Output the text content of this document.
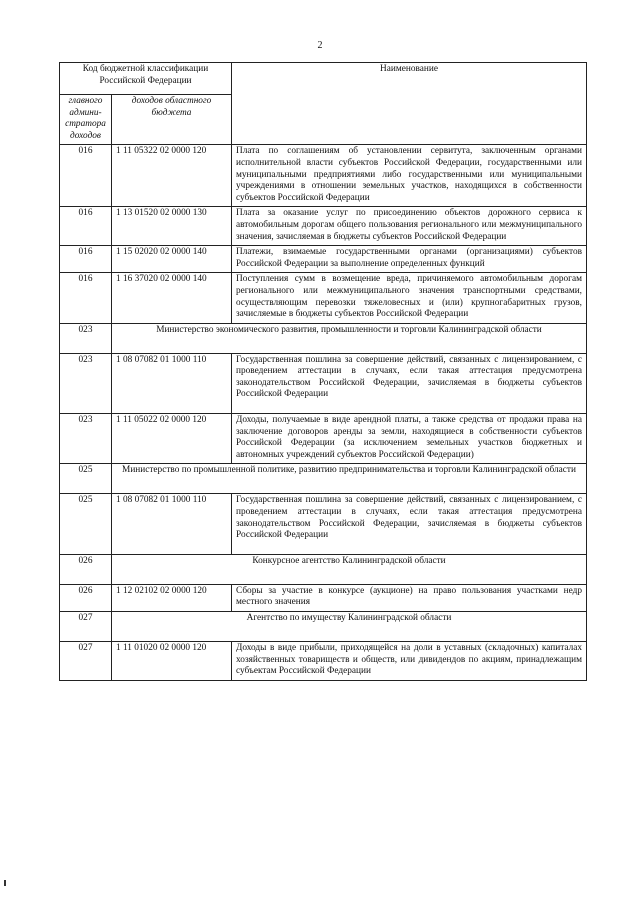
2
Код бюджетной классификации Российской Федерации		Наименование
главного админи-стратора доходов	доходов областного бюджета	
016	1 11 05322 02 0000 120	Плата по соглашениям об установлении сервитута, заключенным органами исполнительной власти субъектов Российской Федерации, государственными или муниципальными предприятиями либо государственными или муниципальными учреждениями в отношении земельных участков, находящихся в собственности субъектов Российской Федерации
016	1 13 01520 02 0000 130	Плата за оказание услуг по присоединению объектов дорожного сервиса к автомобильным дорогам общего пользования регионального или межмуниципального значения, зачисляемая в бюджеты субъектов Российской Федерации
016	1 15 02020 02 0000 140	Платежи, взимаемые государственными органами (организациями) субъектов Российской Федерации за выполнение определенных функций
016	1 16 37020 02 0000 140	Поступления сумм в возмещение вреда, причиняемого автомобильным дорогам регионального или межмуниципального значения транспортными средствами, осуществляющим перевозки тяжеловесных и (или) крупногабаритных грузов, зачисляемые в бюджеты субъектов Российской Федерации
023	Министерство экономического развития, промышленности и торговли Калининградской области	
023	1 08 07082 01 1000 110	Государственная пошлина за совершение действий, связанных с лицензированием, с проведением аттестации в случаях, если такая аттестация предусмотрена законодательством Российской Федерации, зачисляемая в бюджеты субъектов Российской Федерации
023	1 11 05022 02 0000 120	Доходы, получаемые в виде арендной платы, а также средства от продажи права на заключение договоров аренды за земли, находящиеся в собственности субъектов Российской Федерации (за исключением земельных участков бюджетных и автономных учреждений субъектов Российской Федерации)
025	Министерство по промышленной политике, развитию предпринимательства и торговли Калининградской области	
025	1 08 07082 01 1000 110	Государственная пошлина за совершение действий, связанных с лицензированием, с проведением аттестации в случаях, если такая аттестация предусмотрена законодательством Российской Федерации, зачисляемая в бюджеты субъектов Российской Федерации
026	Конкурсное агентство Калининградской области	
026	1 12 02102 02 0000 120	Сборы за участие в конкурсе (аукционе) на право пользования участками недр местного значения
027	Агентство по имуществу Калининградской области	
027	1 11 01020 02 0000 120	Доходы в виде прибыли, приходящейся на доли в уставных (складочных) капиталах хозяйственных товариществ и обществ, или дивидендов по акциям, принадлежащим субъектам Российской Федерации
